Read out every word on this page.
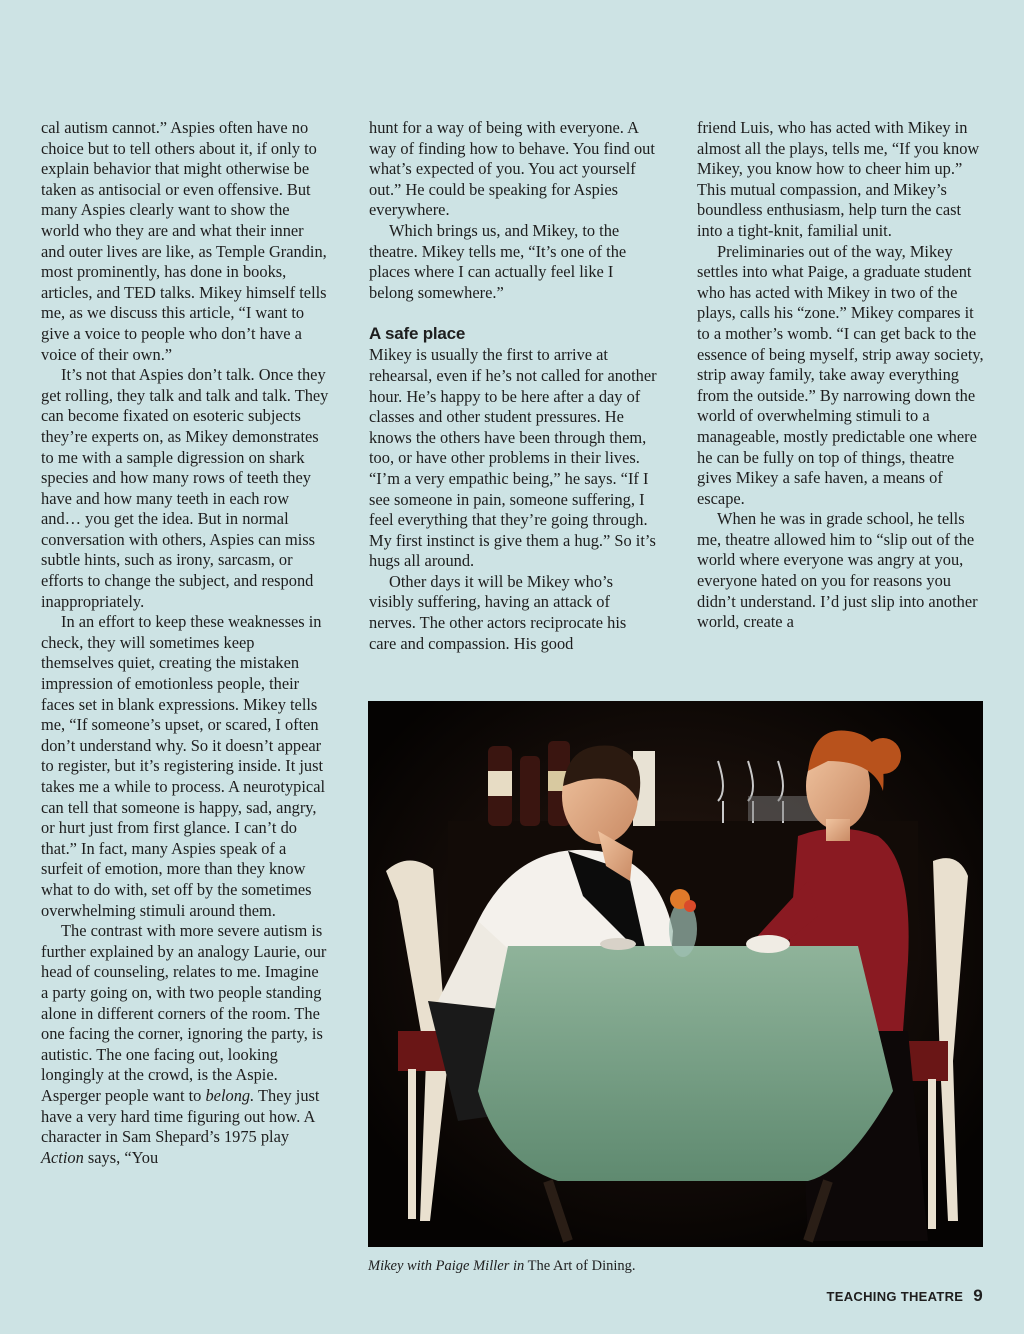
cal autism cannot.” Aspies often have no choice but to tell others about it, if only to explain behavior that might otherwise be taken as antisocial or even offensive. But many Aspies clearly want to show the world who they are and what their inner and outer lives are like, as Temple Grandin, most prominently, has done in books, articles, and TED talks. Mikey himself tells me, as we discuss this article, “I want to give a voice to people who don’t have a voice of their own.”

It’s not that Aspies don’t talk. Once they get rolling, they talk and talk and talk. They can become fixated on esoteric subjects they’re experts on, as Mikey demonstrates to me with a sample digression on shark species and how many rows of teeth they have and how many teeth in each row and… you get the idea. But in normal conversation with others, Aspies can miss subtle hints, such as irony, sarcasm, or efforts to change the subject, and respond inappropriately.

In an effort to keep these weaknesses in check, they will sometimes keep themselves quiet, creating the mistaken impression of emotionless people, their faces set in blank expressions. Mikey tells me, “If someone’s upset, or scared, I often don’t understand why. So it doesn’t appear to register, but it’s registering inside. It just takes me a while to process. A neurotypical can tell that someone is happy, sad, angry, or hurt just from first glance. I can’t do that.” In fact, many Aspies speak of a surfeit of emotion, more than they know what to do with, set off by the sometimes overwhelming stimuli around them.

The contrast with more severe autism is further explained by an analogy Laurie, our head of counseling, relates to me. Imagine a party going on, with two people standing alone in different corners of the room. The one facing the corner, ignoring the party, is autistic. The one facing out, looking longingly at the crowd, is the Aspie. Asperger people want to belong. They just have a very hard time figuring out how. A character in Sam Shepard’s 1975 play Action says, “You

hunt for a way of being with everyone. A way of finding how to behave. You find out what’s expected of you. You act yourself out.” He could be speaking for Aspies everywhere.

Which brings us, and Mikey, to the theatre. Mikey tells me, “It’s one of the places where I can actually feel like I belong somewhere.”

A safe place

Mikey is usually the first to arrive at rehearsal, even if he’s not called for another hour. He’s happy to be here after a day of classes and other student pressures. He knows the others have been through them, too, or have other problems in their lives. “I’m a very empathic being,” he says. “If I see someone in pain, someone suffering, I feel everything that they’re going through. My first instinct is give them a hug.” So it’s hugs all around.

Other days it will be Mikey who’s visibly suffering, having an attack of nerves. The other actors reciprocate his care and compassion. His good

friend Luis, who has acted with Mikey in almost all the plays, tells me, “If you know Mikey, you know how to cheer him up.” This mutual compassion, and Mikey’s boundless enthusiasm, help turn the cast into a tight-knit, familial unit.

Preliminaries out of the way, Mikey settles into what Paige, a graduate student who has acted with Mikey in two of the plays, calls his “zone.” Mikey compares it to a mother’s womb. “I can get back to the essence of being myself, strip away society, strip away family, take away everything from the outside.” By narrowing down the world of overwhelming stimuli to a manageable, mostly predictable one where he can be fully on top of things, theatre gives Mikey a safe haven, a means of escape.

When he was in grade school, he tells me, theatre allowed him to “slip out of the world where everyone was angry at you, everyone hated on you for reasons you didn’t understand. I’d just slip into another world, create a

Mikey with Paige Miller in The Art of Dining.
TEACHING THEATRE 9
